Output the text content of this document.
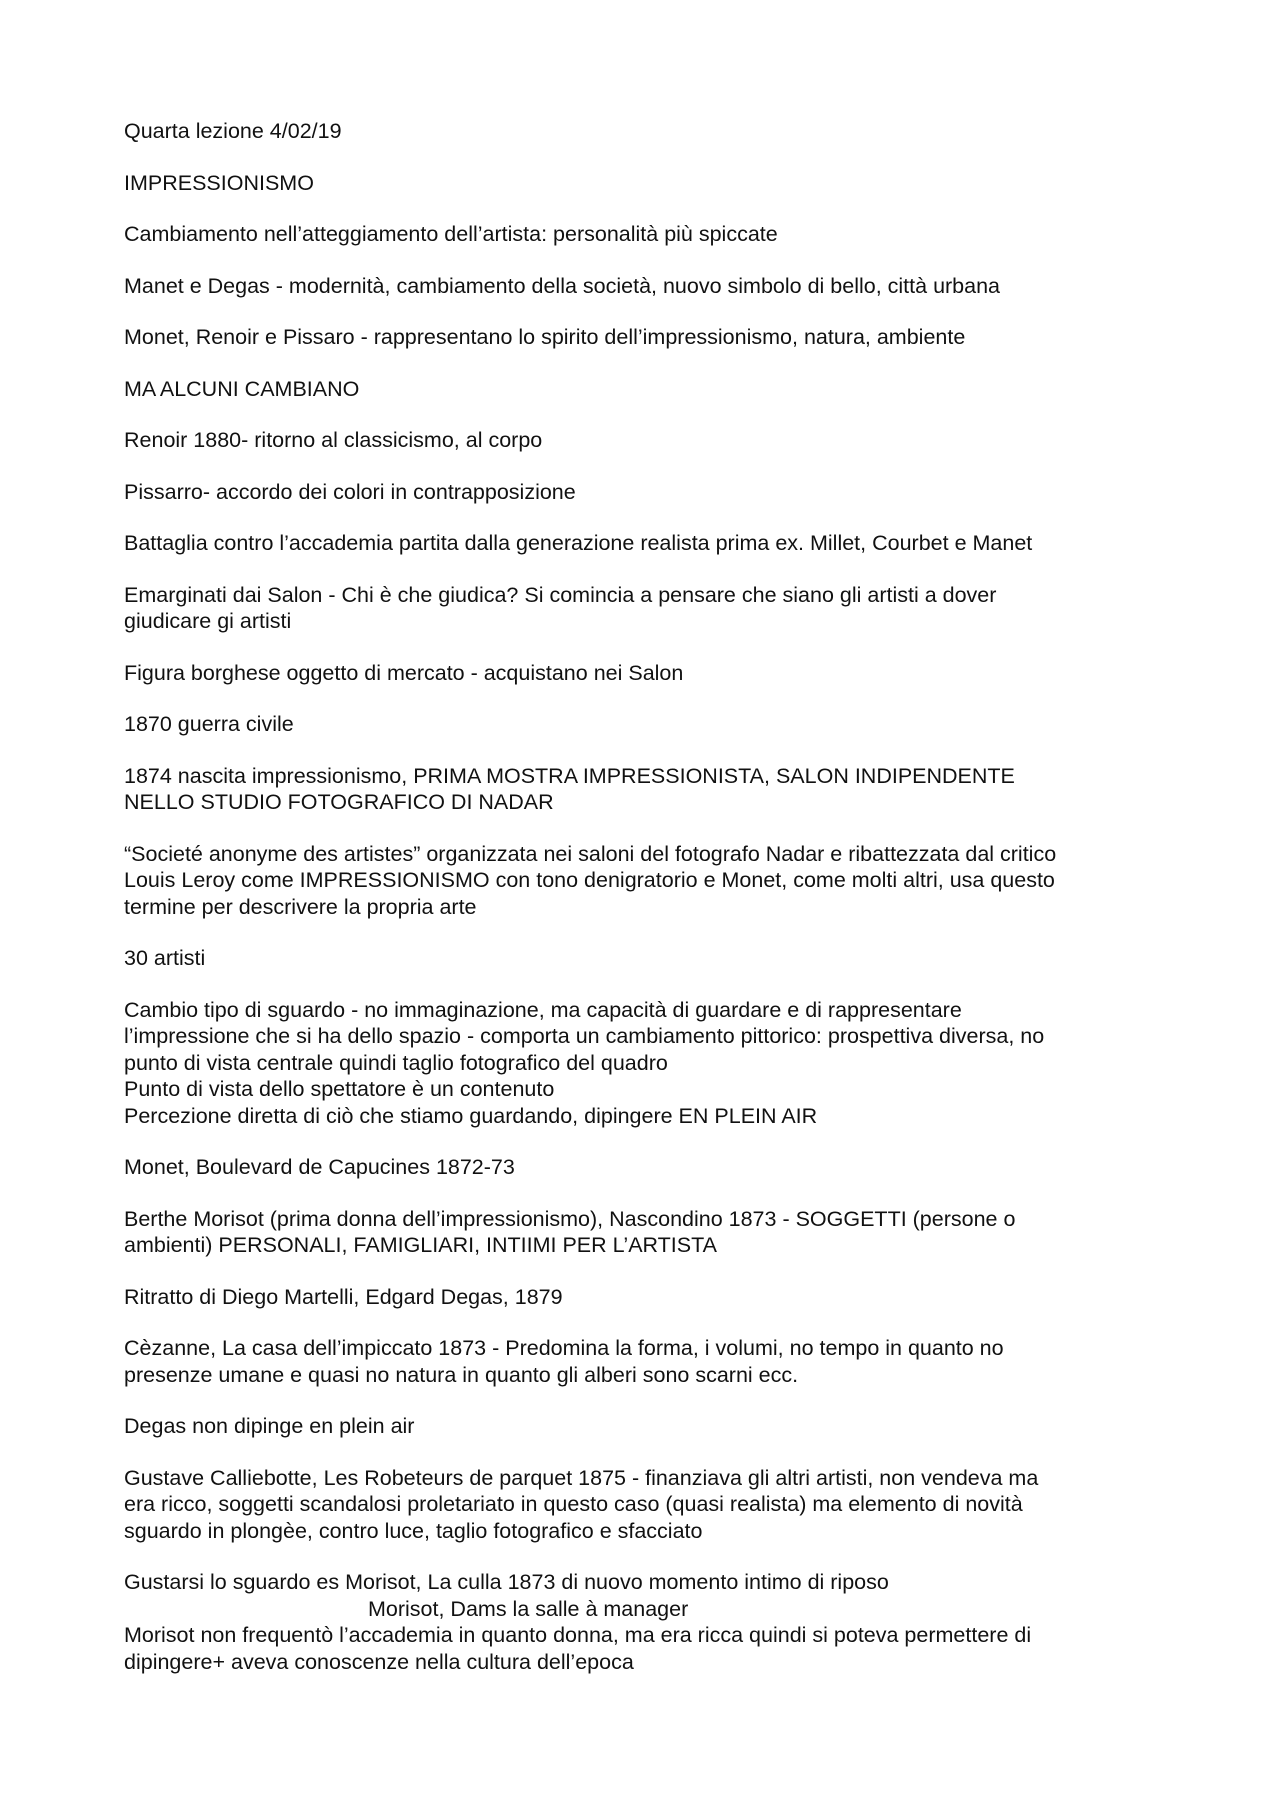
Quarta lezione 4/02/19

IMPRESSIONISMO

Cambiamento nell’atteggiamento dell’artista: personalità più spiccate

Manet e Degas - modernità, cambiamento della società, nuovo simbolo di bello, città urbana

Monet, Renoir e Pissaro - rappresentano lo spirito dell’impressionismo, natura, ambiente

MA ALCUNI CAMBIANO

Renoir 1880- ritorno al classicismo, al corpo

Pissarro- accordo dei colori in contrapposizione

Battaglia contro l’accademia partita dalla generazione realista prima ex. Millet, Courbet e Manet

Emarginati dai Salon - Chi è che giudica? Si comincia a pensare che siano gli artisti a dover
giudicare gi artisti

Figura borghese oggetto di mercato - acquistano nei Salon

1870 guerra civile

1874 nascita impressionismo, PRIMA MOSTRA IMPRESSIONISTA, SALON INDIPENDENTE
NELLO STUDIO FOTOGRAFICO DI NADAR

“Societé anonyme des artistes” organizzata nei saloni del fotografo Nadar e ribattezzata dal critico
Louis Leroy come IMPRESSIONISMO con tono denigratorio e Monet, come molti altri, usa questo
termine per descrivere la propria arte

30 artisti

Cambio tipo di sguardo - no immaginazione, ma capacità di guardare e di rappresentare
l’impressione che si ha dello spazio - comporta un cambiamento pittorico: prospettiva diversa, no
punto di vista centrale quindi taglio fotografico del quadro
Punto di vista dello spettatore è un contenuto
Percezione diretta di ciò che stiamo guardando, dipingere EN PLEIN AIR

Monet, Boulevard de Capucines 1872-73

Berthe Morisot (prima donna dell’impressionismo), Nascondino 1873 - SOGGETTI (persone o
ambienti) PERSONALI, FAMIGLIARI, INTIIMI PER L’ARTISTA

Ritratto di Diego Martelli, Edgard Degas, 1879

Cèzanne, La casa dell’impiccato 1873 - Predomina la forma, i volumi, no tempo in quanto no
presenze umane e quasi no natura in quanto gli alberi sono scarni ecc.

Degas non dipinge en plein air

Gustave Calliebotte, Les Robeteurs de parquet 1875 - finanziava gli altri artisti, non vendeva ma
era ricco, soggetti scandalosi proletariato in questo caso (quasi realista) ma elemento di novità
sguardo in plongèe, contro luce, taglio fotografico e sfacciato

Gustarsi lo sguardo es Morisot, La culla 1873 di nuovo momento intimo di riposo
Morisot, Dams la salle à manager
Morisot non frequentò l’accademia in quanto donna, ma era ricca quindi si poteva permettere di
dipingere+ aveva conoscenze nella cultura dell’epoca
